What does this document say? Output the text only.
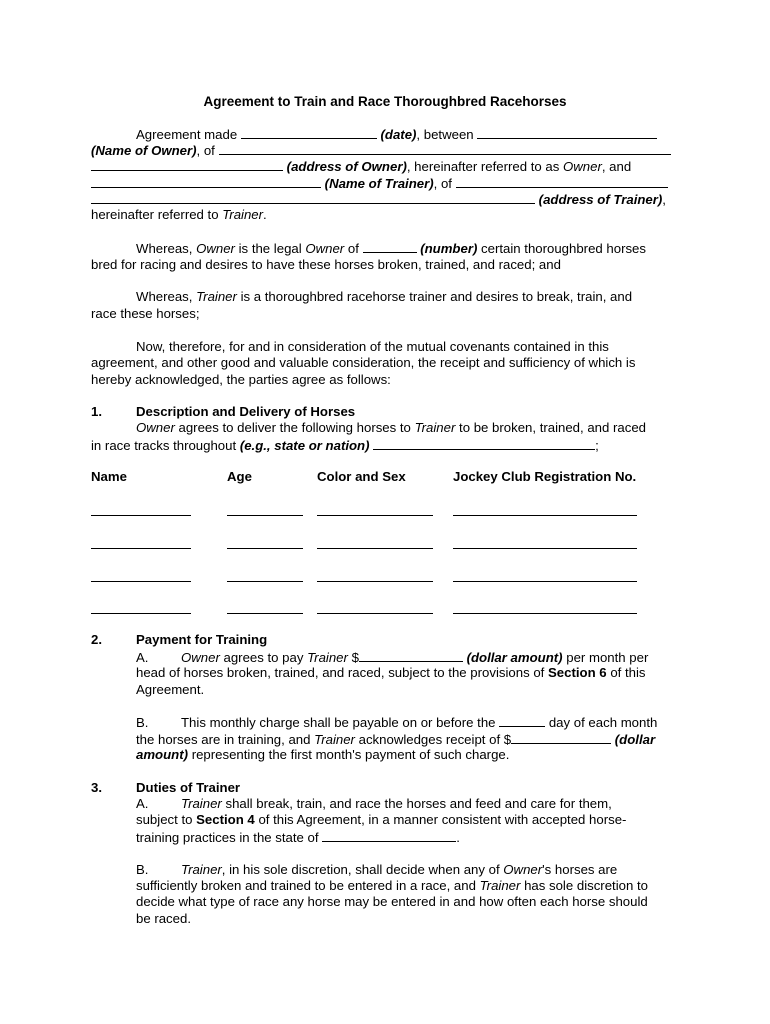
Agreement to Train and Race Thoroughbred Racehorses
Agreement made	(date), between
(Name of Owner), of
(address of Owner), hereinafter referred to as Owner, and
(Name of Trainer), of
(address of Trainer),
hereinafter referred to Trainer.
Whereas, Owner is the legal Owner of	(number) certain thoroughbred horses
bred for racing and desires to have these horses broken, trained, and raced; and
Whereas, Trainer is a thoroughbred racehorse trainer and desires to break, train, and
race these horses;
Now, therefore, for and in consideration of the mutual covenants contained in this
agreement, and other good and valuable consideration, the receipt and sufficiency of which is
hereby acknowledged, the parties agree as follows:
1.	Description and Delivery of Horses
Owner agrees to deliver the following horses to Trainer to be broken, trained, and raced
in race tracks throughout (e.g., state or nation)	;
Name	Age	Color and Sex	Jockey Club Registration No.
2.	Payment for Training
A. Owner agrees to pay Trainer $	(dollar amount) per month per
head of horses broken, trained, and raced, subject to the provisions of Section 6 of this
Agreement.
B. This monthly charge shall be payable on or before the	day of each month
the horses are in training, and Trainer acknowledges receipt of $	(dollar
amount) representing the first month's payment of such charge.
3.	Duties of Trainer
A. Trainer shall break, train, and race the horses and feed and care for them,
subject to Section 4 of this Agreement, in a manner consistent with accepted horse-
training practices in the state of	.
B. Trainer, in his sole discretion, shall decide when any of Owner's horses are
sufficiently broken and trained to be entered in a race, and Trainer has sole discretion to
decide what type of race any horse may be entered in and how often each horse should
be raced.
